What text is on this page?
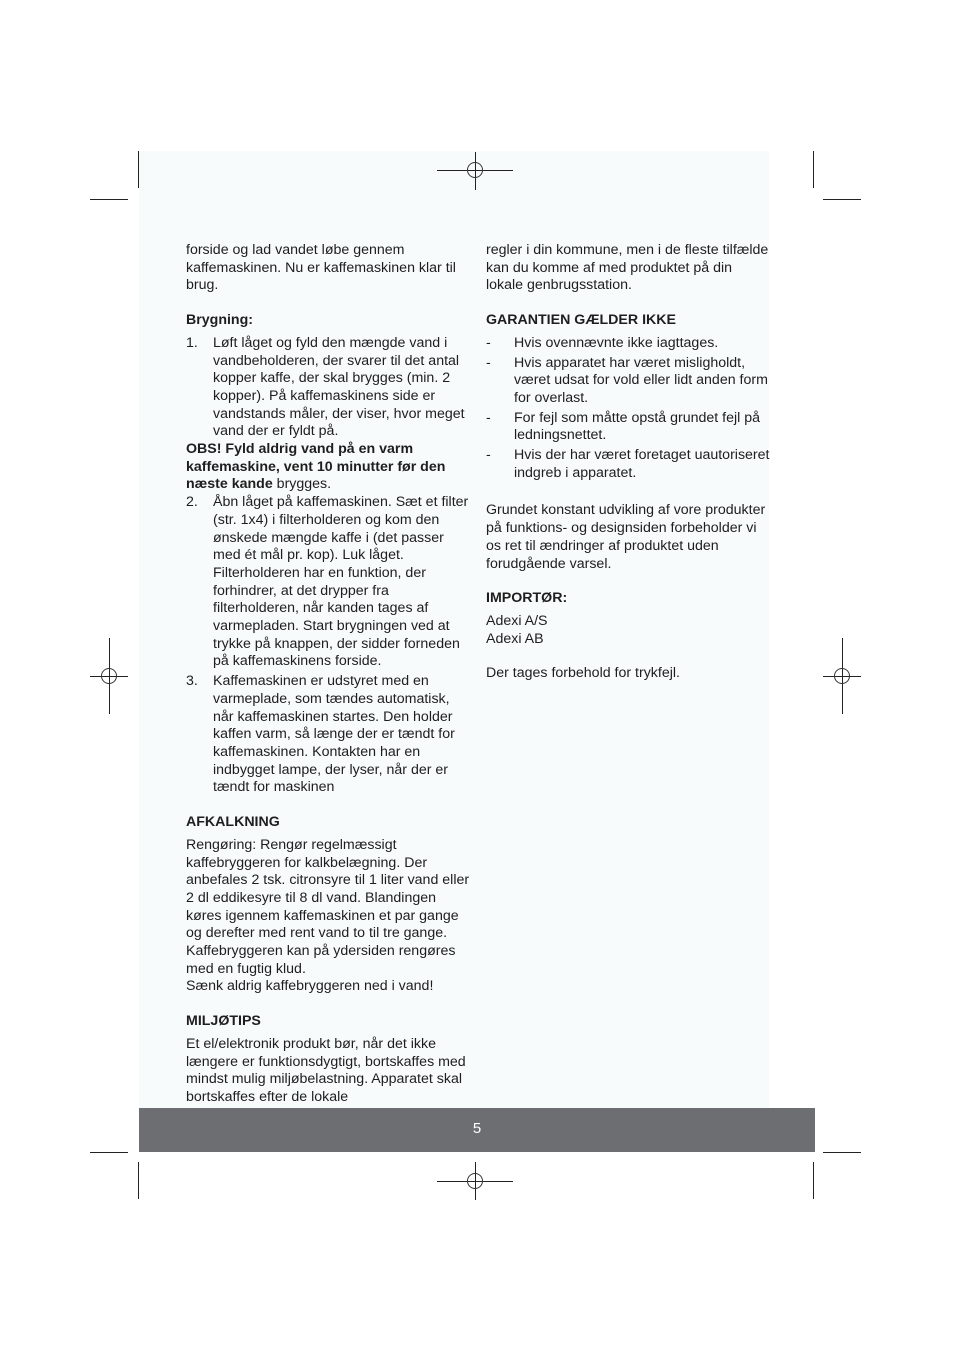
forside og lad vandet løbe gennem kaffemaskinen. Nu er kaffemaskinen klar til brug.

Brygning:

1.	Løft låget og fyld den mængde vand i vandbeholderen, der svarer til det antal kopper kaffe, der skal brygges (min. 2 kopper). På kaffemaskinens side er vandstands måler, der viser, hvor meget vand der er fyldt på.

OBS! Fyld aldrig vand på en varm kaffemaskine, vent 10 minutter før den næste kande brygges.

2.	Åbn låget på kaffemaskinen. Sæt et filter (str. 1x4) i filterholderen og kom den ønskede mængde kaffe i (det passer med ét mål pr. kop). Luk låget. Filterholderen har en funktion, der forhindrer, at det drypper fra filterholderen, når kanden tages af varmepladen. Start brygningen ved at trykke på knappen, der sidder forneden på kaffemaskinens forside.
3.	Kaffemaskinen er udstyret med en varmeplade, som tændes automatisk, når kaffemaskinen startes. Den holder kaffen varm, så længe der er tændt for kaffemaskinen. Kontakten har en indbygget lampe, der lyser, når der er tændt for maskinen

AFKALKNING

Rengøring: Rengør regelmæssigt kaffebryggeren for kalkbelægning. Der anbefales 2 tsk. citronsyre til 1 liter vand eller 2 dl eddikesyre til 8 dl vand. Blandingen køres igennem kaffemaskinen et par gange og derefter med rent vand to til tre gange. Kaffebryggeren kan på ydersiden rengøres med en fugtig klud.

Sænk aldrig kaffebryggeren ned i vand!

MILJØTIPS

Et el/elektronik produkt bør, når det ikke længere er funktionsdygtigt, bortskaffes med mindst mulig miljøbelastning. Apparatet skal bortskaffes efter de lokale

regler i din kommune, men i de fleste tilfælde kan du komme af med produktet på din lokale genbrugsstation.

GARANTIEN GÆLDER IKKE

-	Hvis ovennævnte ikke iagttages.
-	Hvis apparatet har været misligholdt, været udsat for vold eller lidt anden form for overlast.
-	For fejl som måtte opstå grundet fejl på ledningsnettet.
-	Hvis der har været foretaget uautoriseret indgreb i apparatet.

Grundet konstant udvikling af vore produkter på funktions- og designsiden forbeholder vi os ret til ændringer af produktet uden forudgående varsel.

IMPORTØR:

Adexi A/S

Adexi AB

Der tages forbehold for trykfejl.

5
